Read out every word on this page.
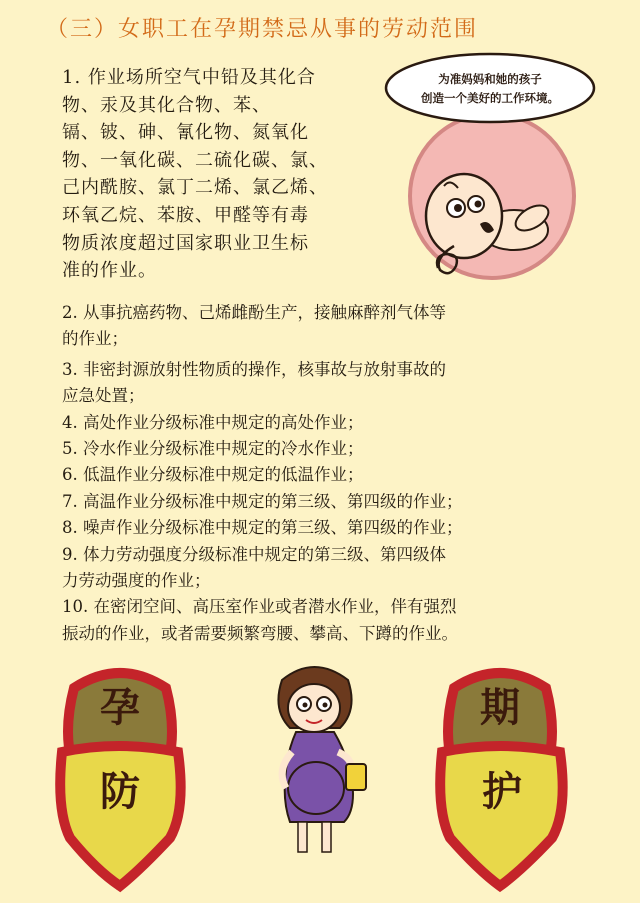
（三）女职工在孕期禁忌从事的劳动范围
1. 作业场所空气中铅及其化合
物、汞及其化合物、苯、
镉、铍、砷、氰化物、氮氧化
物、一氧化碳、二硫化碳、氯、
己内酰胺、氯丁二烯、氯乙烯、
环氧乙烷、苯胺、甲醛等有毒
物质浓度超过国家职业卫生标
准的作业。
为准妈妈和她的孩子
创造一个美好的工作环境。
2. 从事抗癌药物、己烯雌酚生产，接触麻醉剂气体等
的作业；
3. 非密封源放射性物质的操作，核事故与放射事故的
应急处置；
4. 高处作业分级标准中规定的高处作业；
5. 冷水作业分级标准中规定的冷水作业；
6. 低温作业分级标准中规定的低温作业；
7. 高温作业分级标准中规定的第三级、第四级的作业；
8. 噪声作业分级标准中规定的第三级、第四级的作业；
9. 体力劳动强度分级标准中规定的第三级、第四级体
力劳动强度的作业；
10. 在密闭空间、高压室作业或者潜水作业，伴有强烈
振动的作业，或者需要频繁弯腰、攀高、下蹲的作业。
孕	期
防	护
